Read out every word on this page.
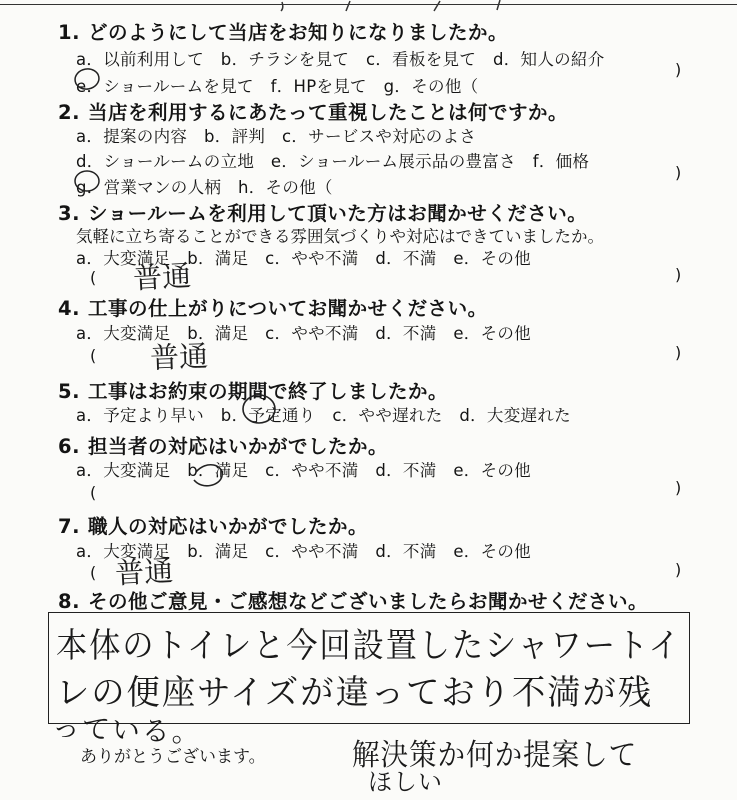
1. どのようにして当店をお知りになりましたか。
a．以前利用して　b．チラシを見て　c．看板を見て　d．知人の紹介
e．ショールームを見て　f．HPを見て　g．その他（
)
2. 当店を利用するにあたって重視したことは何ですか。
a．提案の内容　b．評判　c．サービスや対応のよさ
d．ショールームの立地　e．ショールーム展示品の豊富さ　f．価格
g．営業マンの人柄　h．その他（
)
3. ショールームを利用して頂いた方はお聞かせください。
気軽に立ち寄ることができる雰囲気づくりや対応はできていましたか。
a．大変満足　b．満足　c．やや不満　d．不満　e．その他
(	)
普通
4. 工事の仕上がりについてお聞かせください。
a．大変満足　b．満足　c．やや不満　d．不満　e．その他
(	)
普通
5. 工事はお約束の期間で終了しましたか。
a．予定より早い　b．予定通り　c．やや遅れた　d．大変遅れた
6. 担当者の対応はいかがでしたか。
a．大変満足　b．満足　c．やや不満　d．不満　e．その他
(	)
7. 職人の対応はいかがでしたか。
a．大変満足　b．満足　c．やや不満　d．不満　e．その他
(	)
普通
8. その他ご意見・ご感想などございましたらお聞かせください。
本体のトイレと今回設置したシャワートイ
レの便座サイズが違っており不満が残
っている。
ありがとうございます。	解決策か何か提案して
ほしい
